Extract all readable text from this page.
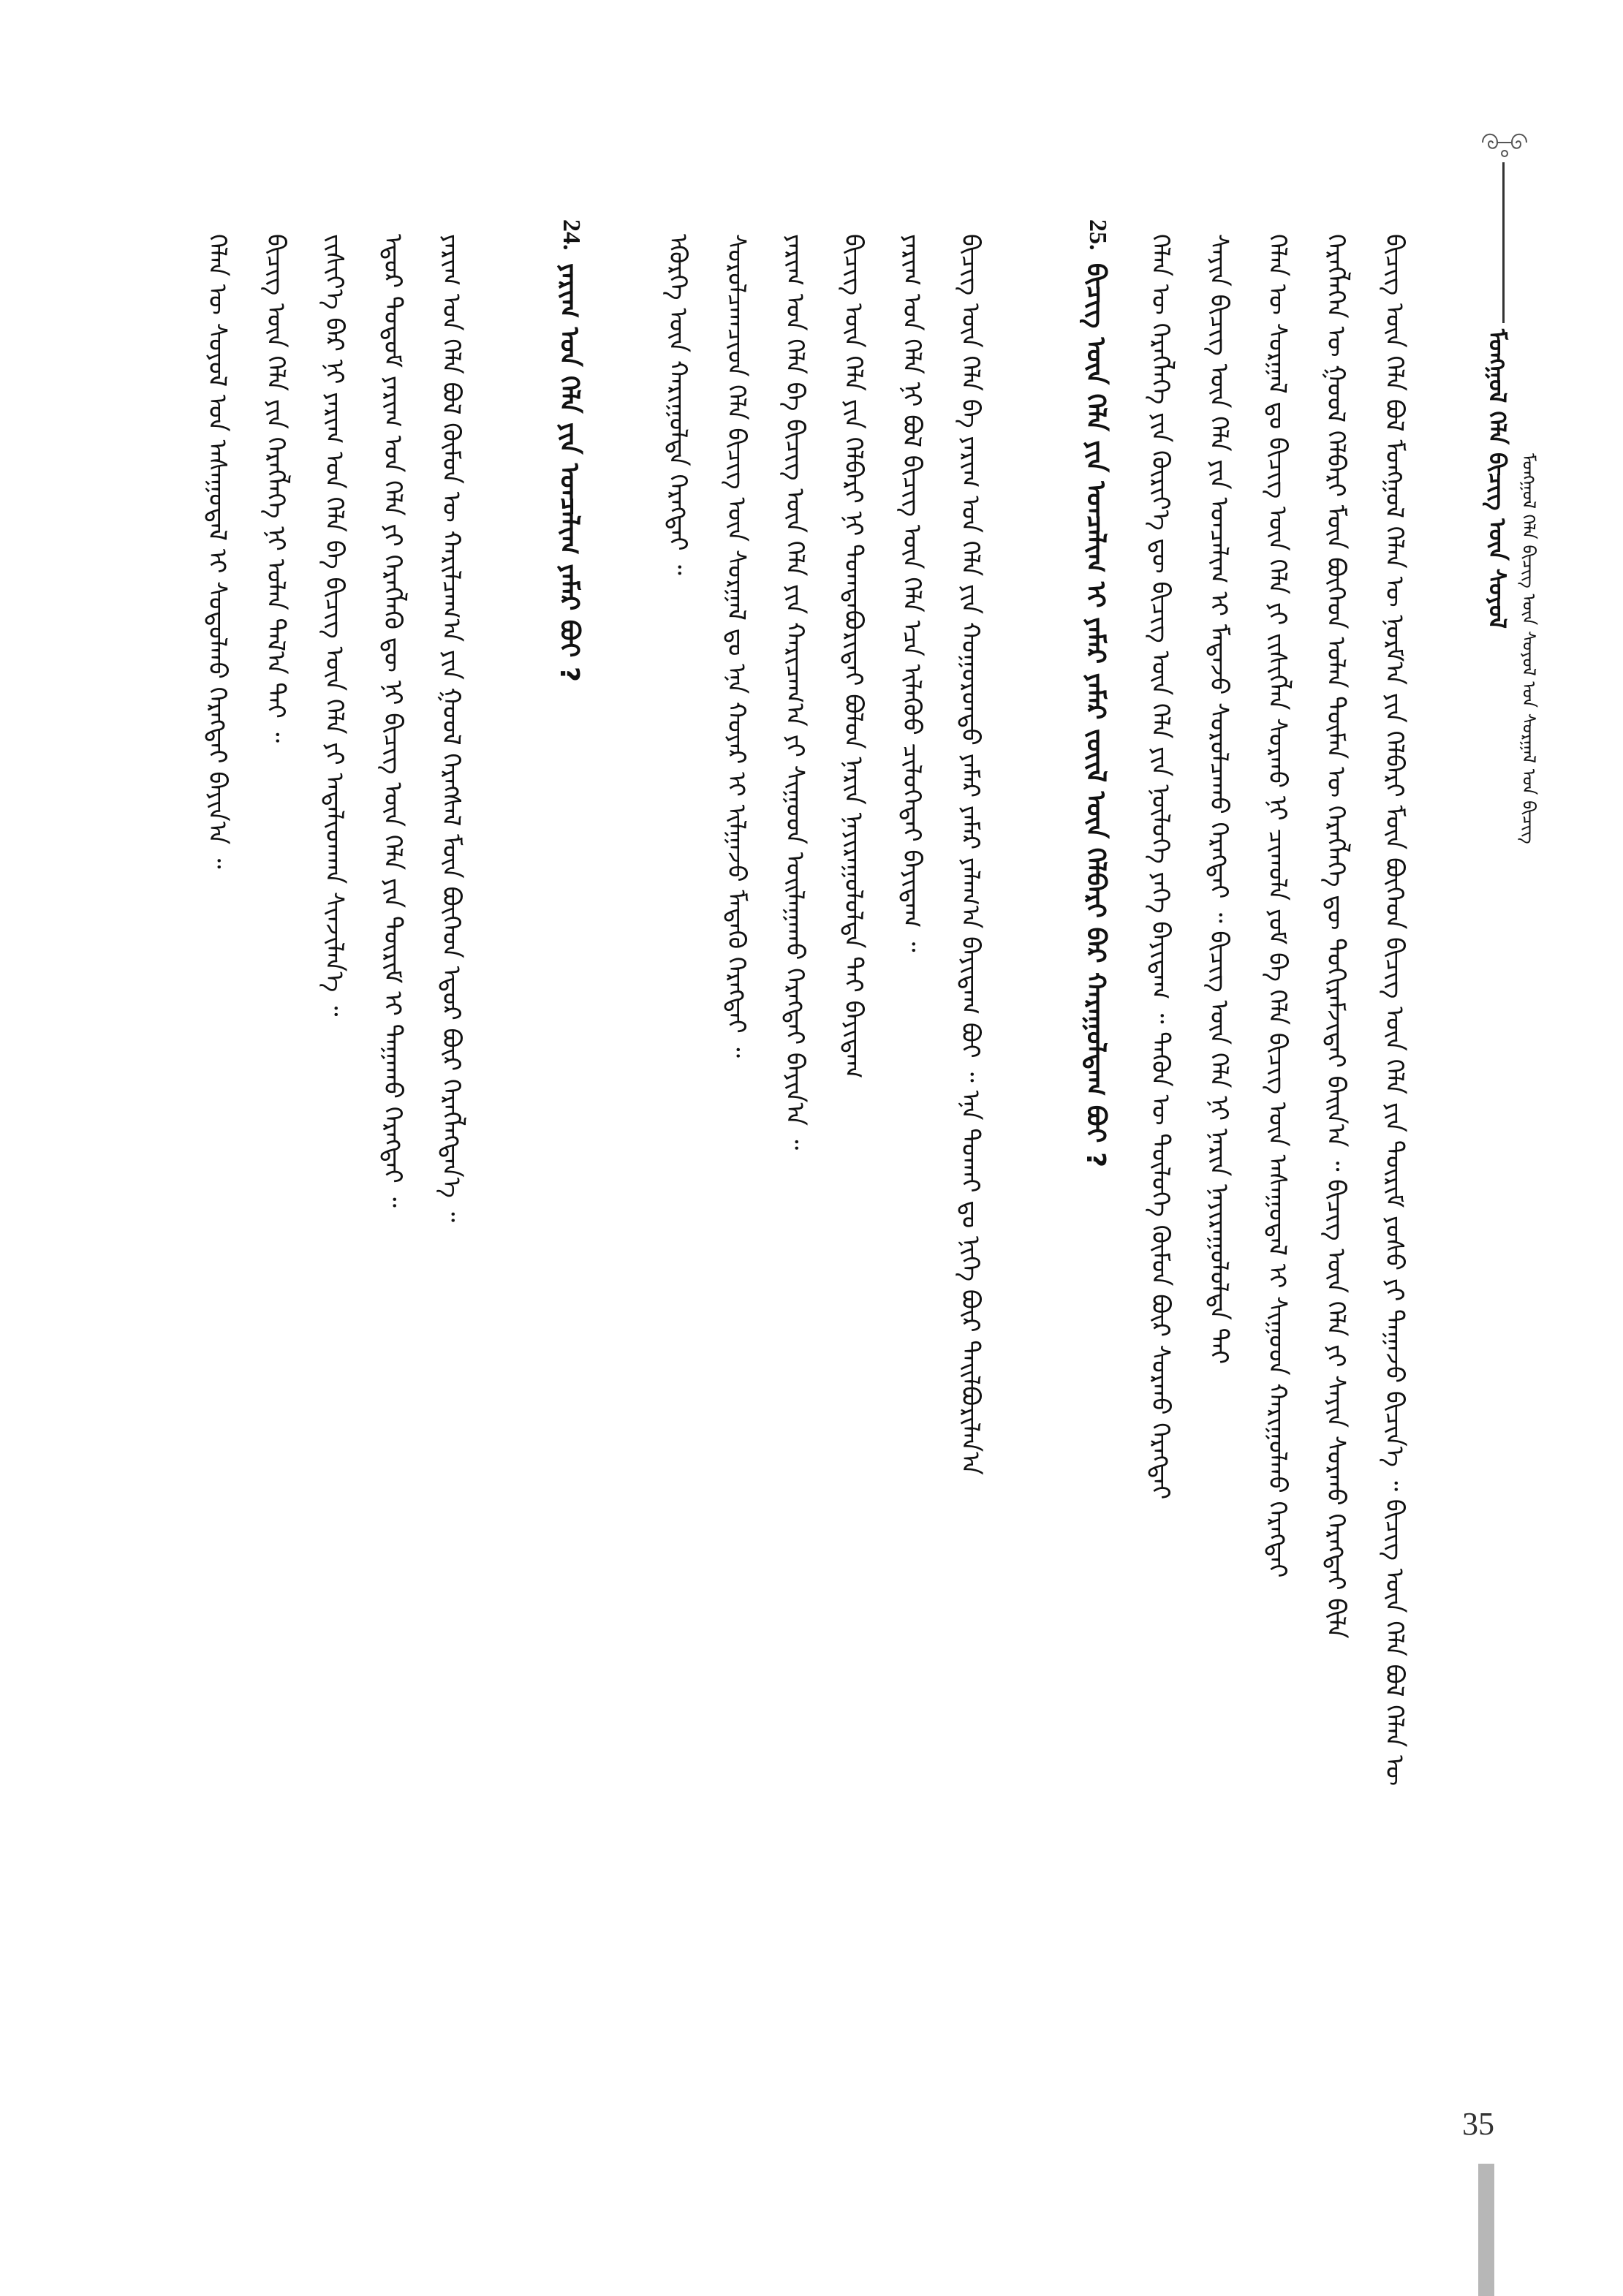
ᠮᠣᠩᠭᠣᠯ ᠬᠡᠯᠡ ᠪᠢᠴᠢᠭ ᠦᠨ ᠰᠣᠶᠣᠯ ᠮᠣᠩᠭᠣᠯ ᠬᠡᠯᠡ ᠪᠢᠴᠢᠭ ᠦᠨ ᠰᠣᠶᠣᠯ ᠤᠨ ᠰᠤᠷᠭᠠᠯ ᠤᠨ ᠪᠢᠴᠢᠭ
ᠪᠢᠴᠢᠭ ᠦᠨ ᠬᠡᠯᠡ ᠪᠣᠯ ᠮᠣᠩᠭᠣᠯ ᠬᠡᠯᠡᠨ ᠦ ᠨᠣᠷᠮ᠎ᠠ ᠶᠢᠨ ᠬᠡᠯᠪᠡᠷᠢ ᠮᠥᠨ ᠪᠥᠭᠡᠳ ᠪᠢᠴᠢᠭ ᠦᠨ ᠬᠡᠯᠡ ᠶᠢᠨ ᠳᠦᠷᠢᠮ ᠶᠣᠰᠣ ᠶᠢ ᠳᠠᠭᠠᠵᠤ ᠪᠢᠴᠢᠨ᠎ᠡ ᠃ ᠪᠢᠴᠢᠭ ᠦᠨ ᠬᠡᠯᠡ ᠪᠣᠯ ᠬᠡᠯᠡᠨ ᠦ
ᠬᠡᠷᠡᠭᠯᠡᠭᠡᠨ ᠦ ᠭᠣᠣᠯ ᠬᠡᠯᠪᠡᠷᠢ ᠮᠥᠨ ᠪᠥᠭᠡᠳ ᠣᠯᠠᠨ ᠲᠥᠮᠡᠨ ᠦ ᠬᠡᠷᠡᠭᠯᠡᠭᠡ ᠳᠦ ᠲᠣᠬᠢᠷᠠᠮᠵᠢᠲᠠᠢ ᠪᠠᠢᠨ᠎ᠠ ᠃ ᠪᠢᠴᠢᠭ ᠦᠨ ᠬᠡᠯᠡ ᠶᠢ ᠰᠠᠶᠢᠨ ᠰᠤᠷᠬᠤ ᠬᠡᠷᠡᠭᠲᠡᠢ ᠪᠢᠯᠡ
ᠬᠡᠯᠡᠨ ᠦ ᠰᠤᠷᠭᠠᠯ ᠳᠤ ᠪᠢᠴᠢᠭ ᠦᠨ ᠬᠡᠯᠡ ᠶᠢ ᠵᠢᠱᠢᠭ᠌ᠯᠡᠨ ᠰᠤᠷᠬᠤ ᠨᠢ ᠴᠢᠬᠤᠯᠠ ᠶᠤᠮ ᠪᠠ ᠬᠡᠯᠡ ᠪᠢᠴᠢᠭ ᠦᠨ ᠠᠰᠠᠭᠤᠳᠠᠯ ᠢ ᠰᠢᠭᠤᠳ ᠬᠠᠷᠢᠭᠤᠯᠬᠤ ᠬᠡᠷᠡᠭᠲᠡᠢ
ᠰᠠᠶᠢᠨ ᠪᠢᠴᠢᠭ ᠦᠨ ᠬᠡᠯᠡ ᠶᠢᠨ ᠣᠨᠴᠠᠯᠢᠭ ᠢ ᠮᠡᠳᠡᠵᠦ ᠰᠤᠷᠤᠯᠴᠠᠬᠤ ᠬᠡᠷᠡᠭᠲᠡᠢ ᠃ ᠪᠢᠴᠢᠭ ᠦᠨ ᠬᠡᠯᠡ ᠨᠢ ᠨᠠᠷᠢᠨ ᠨᠠᠶᠢᠷᠠᠭᠤᠯᠤᠯᠲᠠ ᠲᠠᠢ
ᠬᠡᠯᠡᠨ ᠦ ᠬᠡᠷᠡᠭᠯᠡᠭᠡ ᠶᠢᠨ ᠬᠦᠷᠢᠶ᠎ᠡ ᠳᠦ ᠪᠢᠴᠢᠭ ᠦᠨ ᠬᠡᠯᠡ ᠶᠢᠨ ᠨᠥᠯᠥᠭᠡ ᠶᠡᠬᠡ ᠪᠠᠶᠢᠳᠠᠭ ᠃ ᠲᠡᠭᠦᠨ ᠦ ᠲᠥᠯᠥᠭᠡ ᠬᠦᠮᠦᠨ ᠪᠦᠷ ᠰᠤᠷᠬᠤ ᠬᠡᠷᠡᠭᠲᠡᠢ
25.
ᠪᠢᠴᠢᠭ ᠦᠨ ᠬᠡᠯᠡ ᠶᠢᠨ ᠣᠨᠴᠠᠯᠢᠭ ᠢ ᠶᠠᠮᠠᠷ ᠶᠠᠮᠠᠷ ᠵᠦᠢᠯ ᠦᠨ ᠬᠡᠯᠪᠡᠷᠢ ᠪᠡᠷ ᠬᠠᠷᠠᠭᠤᠯᠳᠠᠭ ᠪᠣᠢ ?
ᠪᠢᠴᠢᠭ ᠦᠨ ᠬᠡᠯᠡ ᠪᠠ ᠶᠠᠷᠢᠭ ᠤᠨ ᠬᠡᠯᠡ ᠶᠢᠨ ᠬᠣᠭᠣᠷᠣᠨᠳᠤ ᠶᠠᠮᠠᠷ ᠶᠠᠮᠠᠷ ᠶᠠᠯᠠᠭ᠎ᠠ ᠪᠠᠶᠢᠳᠠᠭ ᠪᠣᠢ ᠃ ᠡᠨᠡ ᠲᠤᠬᠠᠢ ᠳᠤ ᠨᠢᠭᠡ ᠪᠦᠷ ᠲᠠᠢᠯᠪᠤᠷᠢᠯᠠᠨ᠎ᠠ
ᠶᠠᠷᠢᠭ ᠤᠨ ᠬᠡᠯᠡ ᠨᠢ ᠪᠤᠯ ᠪᠢᠴᠢᠭ ᠦᠨ ᠬᠡᠯᠡ ᠡᠴᠡ ᠢᠯᠡᠭᠦᠦ ᠴᠢᠯᠦᠭᠡᠲᠡᠢ ᠪᠠᠶᠢᠳᠠᠭ ᠃
ᠪᠢᠴᠢᠭ ᠦᠨ ᠬᠡᠯᠡ ᠶᠢᠨ ᠬᠡᠯᠪᠡᠷᠢ ᠨᠢ ᠲᠣᠭᠲᠠᠪᠤᠷᠢᠲᠠᠢ ᠪᠣᠯᠤᠨ ᠨᠠᠷᠢᠨ ᠨᠠᠶᠢᠷᠠᠭᠤᠯᠤᠯᠲᠠ ᠲᠠᠢ ᠪᠠᠶᠢᠳᠠᠭ
ᠶᠠᠷᠢᠭ ᠤᠨ ᠬᠡᠯᠡ ᠪᠠ ᠪᠢᠴᠢᠭ ᠦᠨ ᠬᠡᠯᠡ ᠶᠢᠨ ᠬᠠᠷᠢᠴᠠᠭ᠎ᠠ ᠶᠢ ᠰᠢᠭᠤᠳ ᠣᠢᠯᠠᠭᠠᠬᠤ ᠬᠡᠷᠡᠭᠲᠡᠢ ᠪᠠᠶᠢᠨ᠎ᠠ ᠃
ᠰᠤᠷᠤᠯᠴᠠᠭᠴᠢᠳ ᠬᠡᠯᠡ ᠪᠢᠴᠢᠭ ᠦᠨ ᠰᠤᠷᠭᠠᠯ ᠳᠤ ᠡᠨᠡ ᠬᠣᠶᠠᠷ ᠢ ᠢᠯᠭᠠᠵᠤ ᠮᠡᠳᠡᠬᠦ ᠬᠡᠷᠡᠭᠲᠡᠢ ᠃
ᠡᠭᠦᠷᠭᠡ ᠦᠨ ᠬᠠᠷᠢᠭᠤᠯᠲᠠ ᠬᠡᠷᠡᠭᠲᠡᠢ ᠃
24.
ᠶᠠᠷᠢᠭ ᠤᠨ ᠬᠡᠯᠡ ᠶᠢᠨ ᠣᠨᠴᠠᠯᠢᠭ ᠶᠠᠮᠠᠷ ᠪᠣᠢ ?
ᠶᠠᠷᠢᠭ ᠤᠨ ᠬᠡᠯᠡ ᠪᠣᠯ ᠬᠦᠮᠦᠨ ᠦ ᠬᠠᠷᠢᠯᠴᠠᠭ᠎ᠠ ᠶᠢᠨ ᠭᠣᠣᠯ ᠬᠡᠷᠡᠭᠰᠡᠯ ᠮᠥᠨ ᠪᠥᠭᠡᠳ ᠡᠳᠦᠷ ᠪᠦᠷ ᠬᠡᠷᠡᠭᠯᠡᠭᠳᠡᠨ᠎ᠡ ᠃
ᠡᠳᠦᠷ ᠲᠤᠲᠤᠮ ᠶᠠᠷᠢᠭ ᠤᠨ ᠬᠡᠯᠡ ᠶᠢ ᠬᠡᠷᠡᠭᠯᠡᠬᠦ ᠳᠦ ᠨᠢ ᠪᠢᠴᠢᠭ ᠦᠨ ᠬᠡᠯᠡ ᠶᠢᠨ ᠳᠦᠷᠢᠮ ᠢ ᠳᠠᠭᠠᠬᠤ ᠬᠡᠷᠡᠭᠲᠡᠢ ᠃
ᠵᠢᠱᠢᠶ᠎ᠡ ᠪᠡᠷ ᠨᠢ ᠶᠠᠷᠢᠭ ᠤᠨ ᠬᠡᠯᠡ ᠪᠠ ᠪᠢᠴᠢᠭ ᠦᠨ ᠬᠡᠯᠡ ᠶᠢ ᠠᠳᠠᠯᠢᠳᠬᠠᠨ ᠰᠢᠨᠵᠢᠯᠡᠨ᠎ᠡ ᠃
ᠪᠢᠴᠢᠭ ᠦᠨ ᠬᠡᠯᠡ ᠶᠢᠨ ᠬᠡᠷᠡᠭᠯᠡᠭᠡ ᠨᠢ ᠣᠯᠠᠨ ᠲᠠᠯ᠎ᠠ ᠲᠠᠢ ᠃
ᠬᠡᠯᠡᠨ ᠦ ᠰᠣᠶᠣᠯ ᠤᠨ ᠠᠰᠠᠭᠤᠳᠠᠯ ᠢ ᠰᠤᠳᠤᠯᠬᠤ ᠬᠡᠷᠡᠭᠲᠡᠢ ᠪᠠᠶᠢᠨ᠎ᠠ ᠃
35
